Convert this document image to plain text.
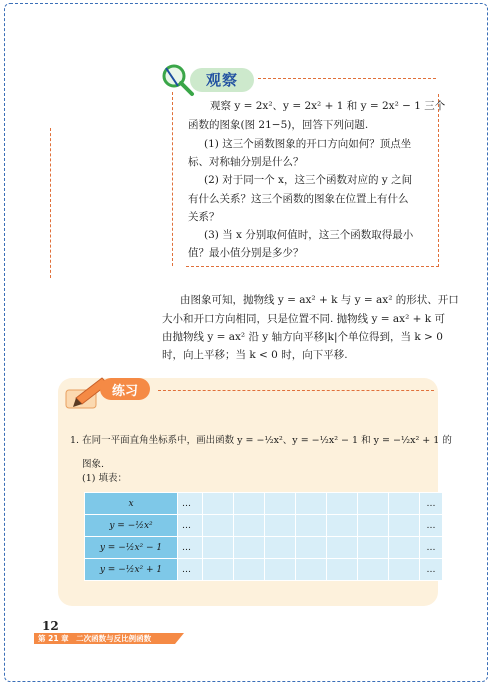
观察
观察 y = 2x²、y = 2x² + 1 和 y = 2x² − 1 三个
函数的图象(图 21−5)，回答下列问题.
(1) 这三个函数图象的开口方向如何？顶点坐
标、对称轴分别是什么？
(2) 对于同一个 x，这三个函数对应的 y 之间
有什么关系？这三个函数的图象在位置上有什么
关系？
(3) 当 x 分别取何值时，这三个函数取得最小
值？最小值分别是多少？
由图象可知，抛物线 y = ax² + k 与 y = ax² 的形状、开口
大小和开口方向相同，只是位置不同. 抛物线 y = ax² + k 可
由抛物线 y = ax² 沿 y 轴方向平移|k|个单位得到，当 k > 0
时，向上平移；当 k < 0 时，向下平移.
练习
1. 在同一平面直角坐标系中，画出函数 y = −½x²、y = −½x² − 1 和 y = −½x² + 1 的
图象.
(1) 填表：
x	…								…
y = −½x²	…								…
y = −½x² − 1	…								…
y = −½x² + 1	…								…
12
第 21 章　二次函数与反比例函数
